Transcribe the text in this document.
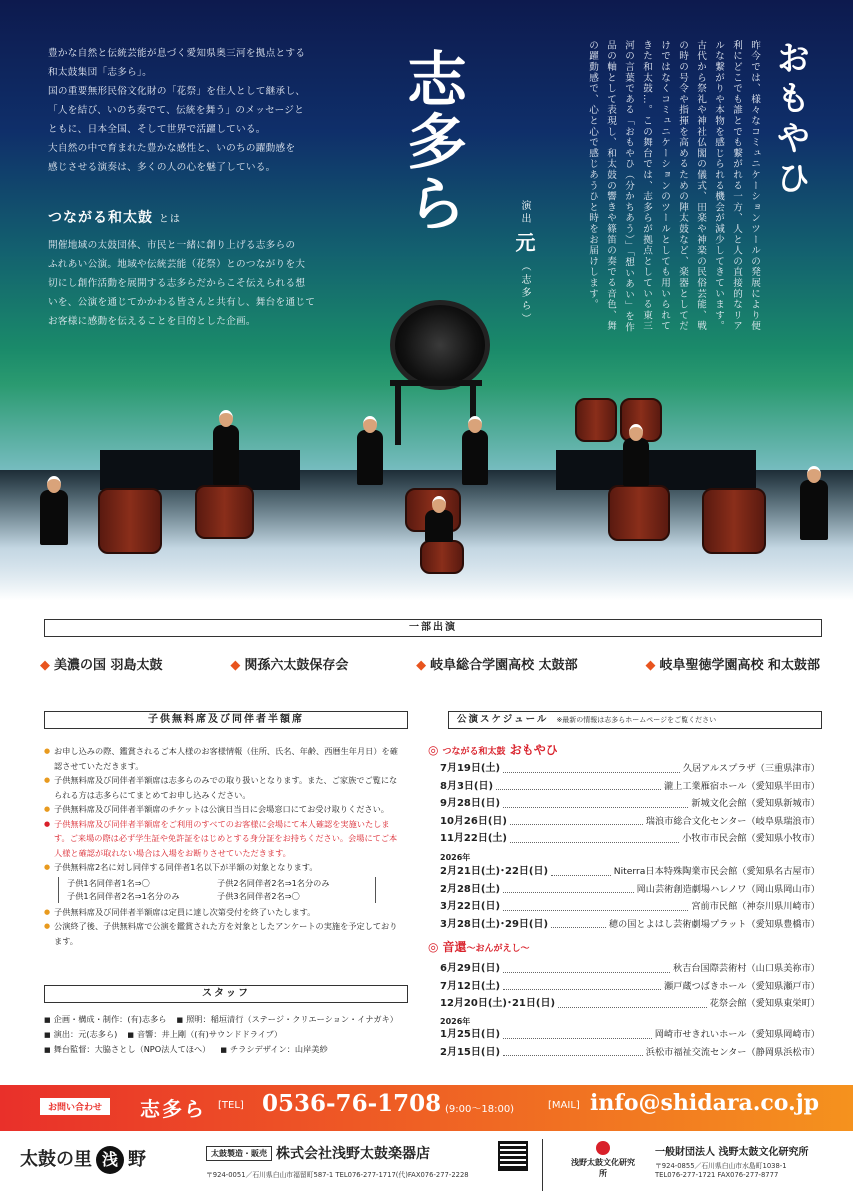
豊かな自然と伝統芸能が息づく愛知県奥三河を拠点とする

和太鼓集団「志多ら」。

国の重要無形民俗文化財の「花祭」を住人として継承し、

「人を結び、いのち奏でて、伝統を舞う」のメッセージと

ともに、日本全国、そして世界で活躍している。

大自然の中で育まれた豊かな感性と、いのちの躍動感を

感じさせる演奏は、多くの人の心を魅了している。

つながる和太鼓 とは
開催地域の太鼓団体、市民と一緒に創り上げる志多らの
ふれあい公演。地域や伝統芸能（花祭）とのつながりを大
切にし創作活動を展開する志多らだからこそ伝えられる想
いを、公演を通じてかかわる皆さんと共有し、舞台を通じて
お客様に感動を伝えることを目的とした企画。
志多ら	演出元（志多ら）
おもやひ
昨今では、様々なコミュニケーションツールの発展により便利にどこでも誰とでも繋がれる一方、人と人の直接的なリアルな繋がりや本物を感じられる機会が減少してきています。古代から祭礼や神社仏閣の儀式、田楽や神楽の民俗芸能、戦の時の号令や指揮を高めるための陣太鼓など、楽器としてだけではなくコミュニケーションのツールとしても用いられてきた和太鼓…。この舞台では、志多らが拠点としている東三河の言葉である「おもやひ（分かちあう）」「想いあい」を作品の軸として表現し、和太鼓の響きや篠笛の奏でる音色、舞の躍動感で、心と心で感じあうひと時をお届けします。
一部出演
◆ 美濃の国 羽島太鼓	◆ 関孫六太鼓保存会	◆ 岐阜総合学園高校 太鼓部	◆ 岐阜聖徳学園高校 和太鼓部
子供無料席及び同伴者半額席
● お申し込みの際、鑑賞されるご本人様のお客様情報（住所、氏名、年齢、西暦生年月日）を確認させていただきます。
● 子供無料席及び同伴者半額席は志多らのみでの取り扱いとなります。また、ご家族でご覧になられる方は志多らにてまとめてお申し込みください。
● 子供無料席及び同伴者半額席のチケットは公演日当日に会場窓口にてお受け取りください。
● 子供無料席及び同伴者半額席をご利用のすべてのお客様に会場にて本人確認を実施いたします。ご来場の際は必ず学生証や免許証をはじめとする身分証をお持ちください。会場にてご本人様と確認が取れない場合は入場をお断りさせていただきます。
● 子供無料席2名に対し同伴する同伴者1名以下が半額の対象となります。
子供1名同伴者1名⇒〇	子供2名同伴者2名⇒1名分のみ
子供1名同伴者2名⇒1名分のみ	子供3名同伴者2名⇒〇
● 子供無料席及び同伴者半額席は定員に達し次第受付を終了いたします。
● 公演終了後、子供無料席で公演を鑑賞された方を対象としたアンケートの実施を予定しております。
スタッフ
■ 企画・構成・制作：(有)志多ら	■ 照明：稲垣清行（ステージ・クリエーション・イナガキ）
■ 演出：元(志多ら)	■ 音響：井上剛（(有)サウンドドライブ）
■ 舞台監督：大脇さとし（NPO法人てほへ）	■ チラシデザイン：山岸美紗
公演スケジュール ※最新の情報は志多らホームページをご覧ください
◎ つながる和太鼓 おもやひ
7月19日(土)	久居アルスプラザ（三重県津市）
8月3日(日)	瀧上工業雁宿ホール（愛知県半田市）
9月28日(日)	新城文化会館（愛知県新城市）
10月26日(日)	瑞浪市総合文化センター（岐阜県瑞浪市）
11月22日(土)	小牧市市民会館（愛知県小牧市）
2026年
2月21日(土)･22日(日)	Niterra日本特殊陶業市民会館（愛知県名古屋市）
2月28日(土)	岡山芸術創造劇場ハレノワ（岡山県岡山市）
3月22日(日)	宮前市民館（神奈川県川崎市）
3月28日(土)･29日(日)	穂の国とよはし芸術劇場プラット（愛知県豊橋市）
◎ 音還～おんがえし～
6月29日(日)	秋吉台国際芸術村（山口県美祢市）
7月12日(土)	瀬戸蔵つばきホール（愛知県瀬戸市）
12月20日(土)･21日(日)	花祭会館（愛知県東栄町）
2026年
1月25日(日)	岡崎市せきれいホール（愛知県岡崎市）
2月15日(日)	浜松市福祉交流センター（静岡県浜松市）
お問い合わせ	志多ら [TEL] 0536-76-1708 (9:00～18:00)	[MAIL] info@shidara.co.jp
太鼓の里 浅 野	太鼓製造・販売 株式会社浅野太鼓楽器店
〒924-0051／石川県白山市福留町587-1 TEL076-277-1717(代)FAX076-277-2228

浅野太鼓文化研究所
一般財団法人 浅野太鼓文化研究所
〒924-0855／石川県白山市水島町1038-1
TEL076-277-1721 FAX076-277-8777
